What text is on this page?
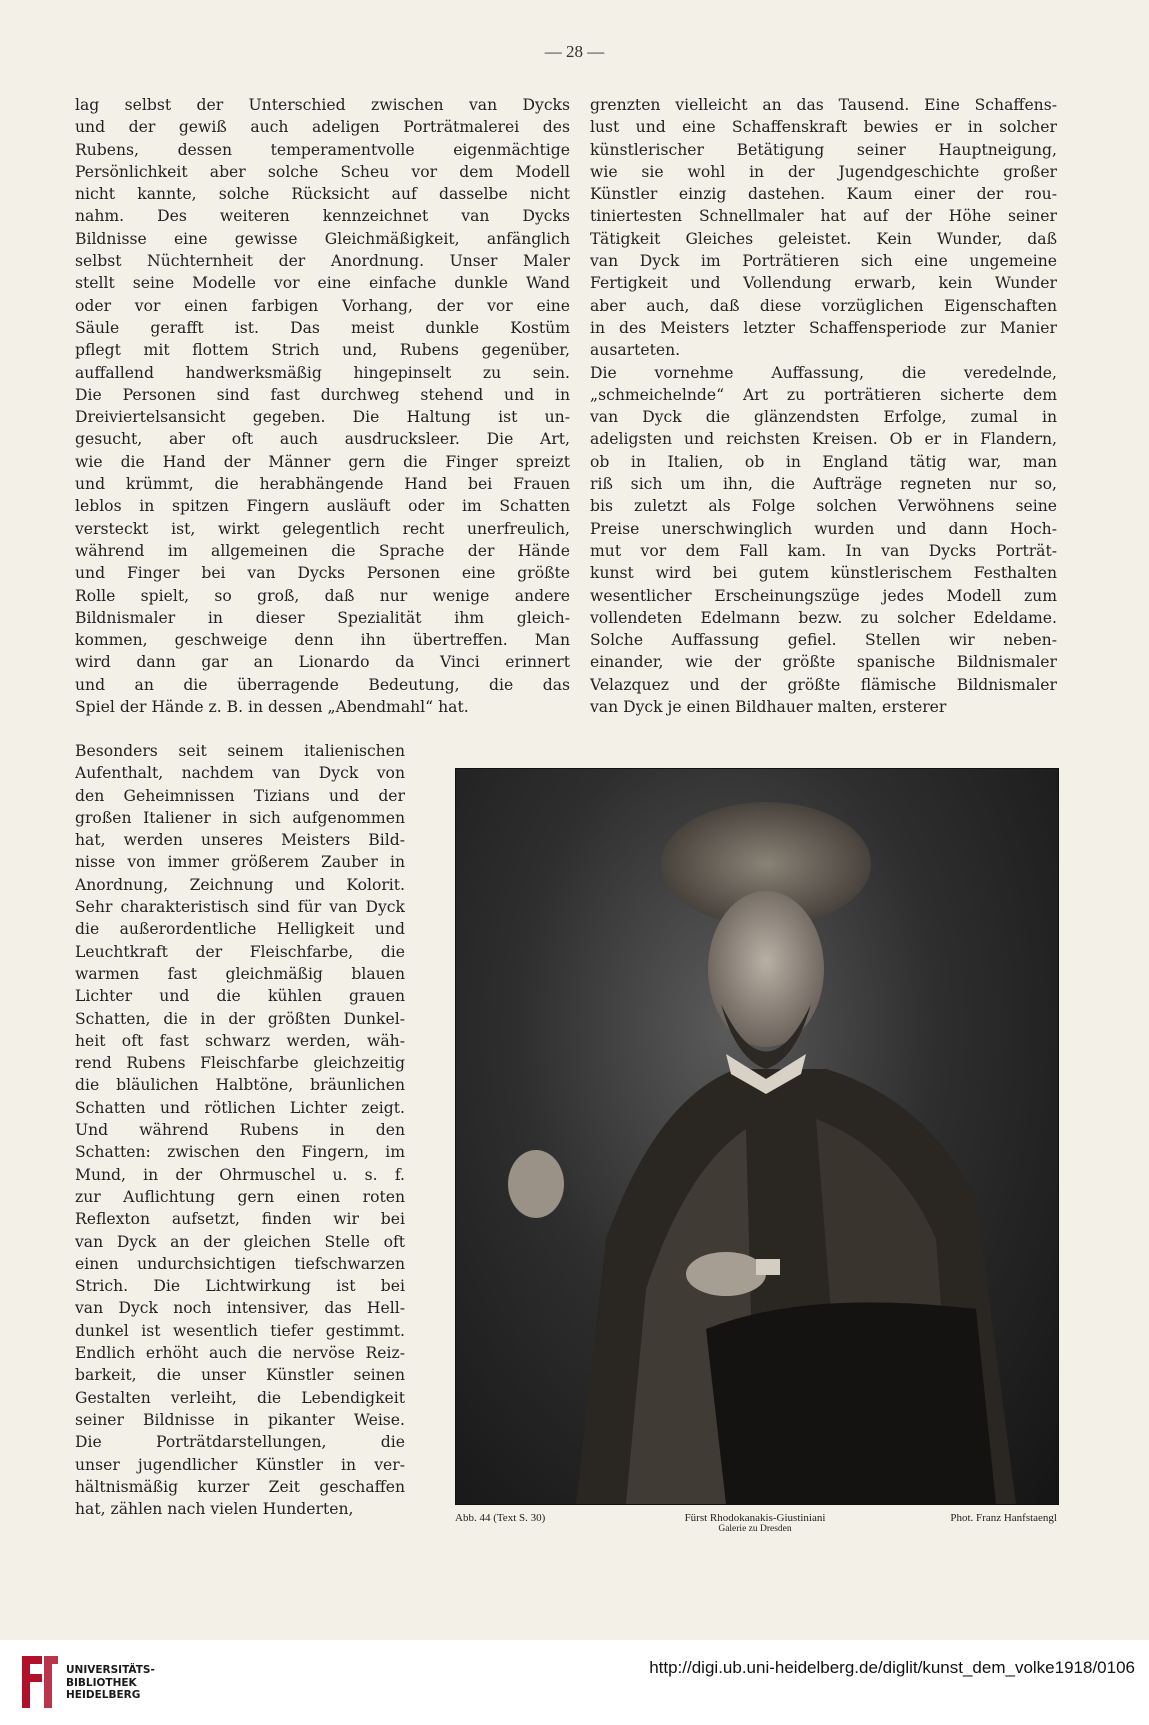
— 28 —
lag selbst der Unterschied zwischen van Dycks
und der gewiß auch adeligen Porträtmalerei des
Rubens, dessen temperamentvolle eigenmächtige
Persönlichkeit aber solche Scheu vor dem Modell
nicht kannte, solche Rücksicht auf dasselbe nicht
nahm. Des weiteren kennzeichnet van Dycks
Bildnisse eine gewisse Gleichmäßigkeit, anfänglich
selbst Nüchternheit der Anordnung. Unser Maler
stellt seine Modelle vor eine einfache dunkle Wand
oder vor einen farbigen Vorhang, der vor eine
Säule gerafft ist. Das meist dunkle Kostüm
pflegt mit flottem Strich und, Rubens gegenüber,
auffallend handwerksmäßig hingepinselt zu sein.
Die Personen sind fast durchweg stehend und in
Dreiviertelsansicht gegeben. Die Haltung ist un-
gesucht, aber oft auch ausdrucksleer. Die Art,
wie die Hand der Männer gern die Finger spreizt
und krümmt, die herabhängende Hand bei Frauen
leblos in spitzen Fingern ausläuft oder im Schatten
versteckt ist, wirkt gelegentlich recht unerfreulich,
während im allgemeinen die Sprache der Hände
und Finger bei van Dycks Personen eine größte
Rolle spielt, so groß, daß nur wenige andere
Bildnismaler in dieser Spezialität ihm gleich-
kommen, geschweige denn ihn übertreffen. Man
wird dann gar an Lionardo da Vinci erinnert
und an die überragende Bedeutung, die das
Spiel der Hände z. B. in dessen „Abendmahl“ hat.
grenzten vielleicht an das Tausend. Eine Schaffens-
lust und eine Schaffenskraft bewies er in solcher
künstlerischer Betätigung seiner Hauptneigung,
wie sie wohl in der Jugendgeschichte großer
Künstler einzig dastehen. Kaum einer der rou-
tiniertesten Schnellmaler hat auf der Höhe seiner
Tätigkeit Gleiches geleistet. Kein Wunder, daß
van Dyck im Porträtieren sich eine ungemeine
Fertigkeit und Vollendung erwarb, kein Wunder
aber auch, daß diese vorzüglichen Eigenschaften
in des Meisters letzter Schaffensperiode zur Manier
ausarteten.
Die vornehme Auffassung, die veredelnde,
„schmeichelnde“ Art zu porträtieren sicherte dem
van Dyck die glänzendsten Erfolge, zumal in
adeligsten und reichsten Kreisen. Ob er in Flandern,
ob in Italien, ob in England tätig war, man
riß sich um ihn, die Aufträge regneten nur so,
bis zuletzt als Folge solchen Verwöhnens seine
Preise unerschwinglich wurden und dann Hoch-
mut vor dem Fall kam. In van Dycks Porträt-
kunst wird bei gutem künstlerischem Festhalten
wesentlicher Erscheinungszüge jedes Modell zum
vollendeten Edelmann bezw. zu solcher Edeldame.
Solche Auffassung gefiel. Stellen wir neben-
einander, wie der größte spanische Bildnismaler
Velazquez und der größte flämische Bildnismaler
van Dyck je einen Bildhauer malten, ersterer
Besonders seit seinem italienischen
Aufenthalt, nachdem van Dyck von
den Geheimnissen Tizians und der
großen Italiener in sich aufgenommen
hat, werden unseres Meisters Bild-
nisse von immer größerem Zauber in
Anordnung, Zeichnung und Kolorit.
Sehr charakteristisch sind für van Dyck
die außerordentliche Helligkeit und
Leuchtkraft der Fleischfarbe, die
warmen fast gleichmäßig blauen
Lichter und die kühlen grauen
Schatten, die in der größten Dunkel-
heit oft fast schwarz werden, wäh-
rend Rubens Fleischfarbe gleichzeitig
die bläulichen Halbtöne, bräunlichen
Schatten und rötlichen Lichter zeigt.
Und während Rubens in den
Schatten: zwischen den Fingern, im
Mund, in der Ohrmuschel u. s. f.
zur Auflichtung gern einen roten
Reflexton aufsetzt, finden wir bei
van Dyck an der gleichen Stelle oft
einen undurchsichtigen tiefschwarzen
Strich. Die Lichtwirkung ist bei
van Dyck noch intensiver, das Hell-
dunkel ist wesentlich tiefer gestimmt.
Endlich erhöht auch die nervöse Reiz-
barkeit, die unser Künstler seinen
Gestalten verleiht, die Lebendigkeit
seiner Bildnisse in pikanter Weise.
Die Porträtdarstellungen, die
unser jugendlicher Künstler in ver-
hältnismäßig kurzer Zeit geschaffen
hat, zählen nach vielen Hunderten,	Abb. 44 (Text S. 30)	Fürst Rhodokanakis-Giustiniani
Galerie zu Dresden
Phot. Franz Hanfstaengl
UNIVERSITÄTS-
BIBLIOTHEK
HEIDELBERG
http://digi.ub.uni-heidelberg.de/diglit/kunst_dem_volke1918/0106
